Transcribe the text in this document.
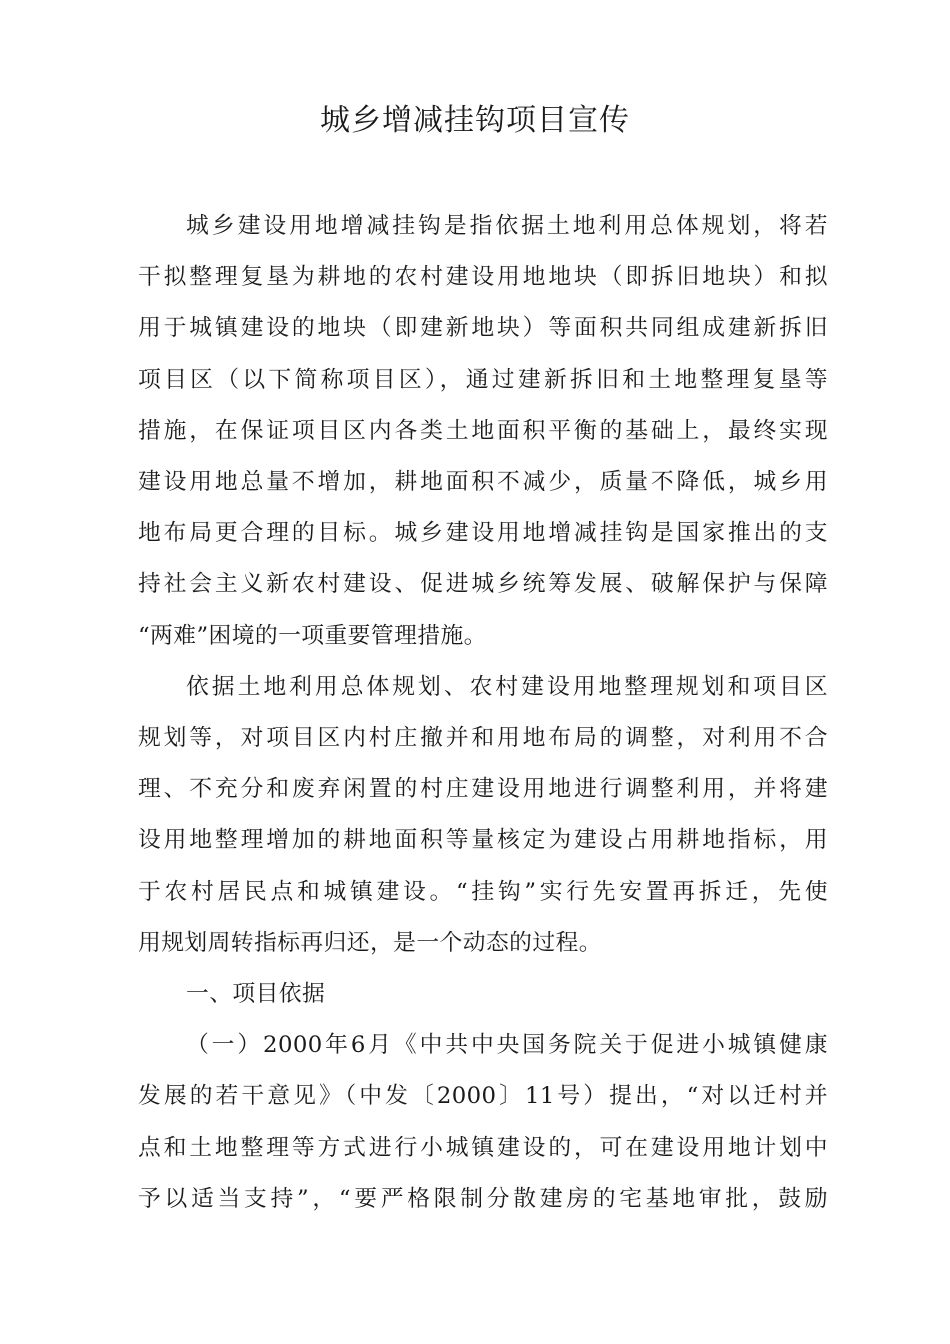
城乡增减挂钩项目宣传
城乡建设用地增减挂钩是指依据土地利用总体规划，将若
干拟整理复垦为耕地的农村建设用地地块（即拆旧地块）和拟
用于城镇建设的地块（即建新地块）等面积共同组成建新拆旧
项目区（以下简称项目区），通过建新拆旧和土地整理复垦等
措施，在保证项目区内各类土地面积平衡的基础上，最终实现
建设用地总量不增加，耕地面积不减少，质量不降低，城乡用
地布局更合理的目标。城乡建设用地增减挂钩是国家推出的支
持社会主义新农村建设、促进城乡统筹发展、破解保护与保障
“两难”困境的一项重要管理措施。
依据土地利用总体规划、农村建设用地整理规划和项目区
规划等，对项目区内村庄撤并和用地布局的调整，对利用不合
理、不充分和废弃闲置的村庄建设用地进行调整利用，并将建
设用地整理增加的耕地面积等量核定为建设占用耕地指标，用
于农村居民点和城镇建设。“挂钩”实行先安置再拆迁，先使
用规划周转指标再归还，是一个动态的过程。
一、项目依据
（一）2000年6月《中共中央国务院关于促进小城镇健康
发展的若干意见》（中发〔2000〕11号）提出，“对以迁村并
点和土地整理等方式进行小城镇建设的，可在建设用地计划中
予以适当支持”，“要严格限制分散建房的宅基地审批，鼓励
